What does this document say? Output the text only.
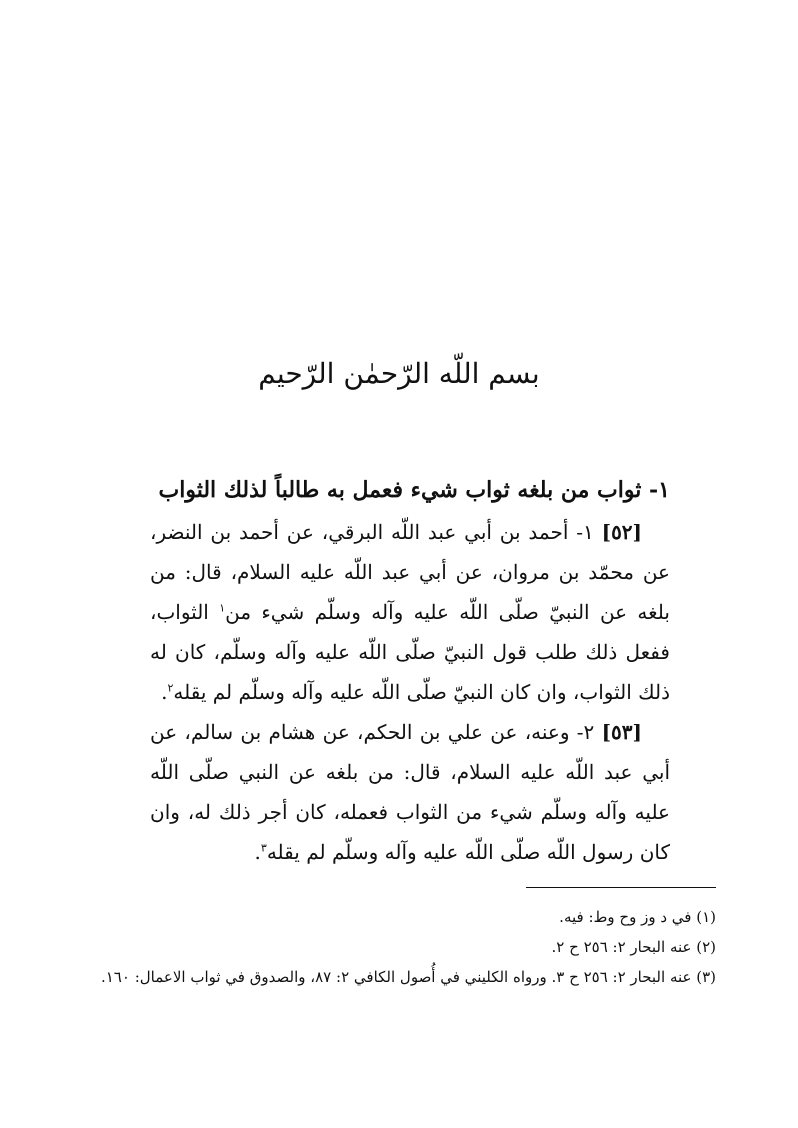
بسم اللّه الرّحمٰن الرّحيم

١- ثواب من بلغه ثواب شيء فعمل به طالباً لذلك الثواب

[٥٢] ١- أحمد بن أبي عبد اللّه البرقي، عن أحمد بن النضر، عن محمّد بن مروان، عن أبي عبد اللّه عليه السلام، قال: من بلغه عن النبيّ صلّى اللّه عليه وآله وسلّم شيء من$^١$ الثواب، ففعل ذلك طلب قول النبيّ صلّى اللّه عليه وآله وسلّم، كان له ذلك الثواب، وان كان النبيّ صلّى اللّه عليه وآله وسلّم لم يقله$^٢$.

[٥٣] ٢- وعنه، عن علي بن الحكم، عن هشام بن سالم، عن أبي عبد اللّه عليه السلام، قال: من بلغه عن النبي صلّى اللّه عليه وآله وسلّم شيء من الثواب فعمله، كان أجر ذلك له، وان كان رسول اللّه صلّى اللّه عليه وآله وسلّم لم يقله$^٣$.

(١) في د وز وح وط: فيه.

(٢) عنه البحار ٢: ٢٥٦ ح ٢.

(٣) عنه البحار ٢: ٢٥٦ ح ٣. ورواه الكليني في أُصول الكافي ٢: ٨٧، والصدوق في ثواب الاعمال: ١٦٠.
